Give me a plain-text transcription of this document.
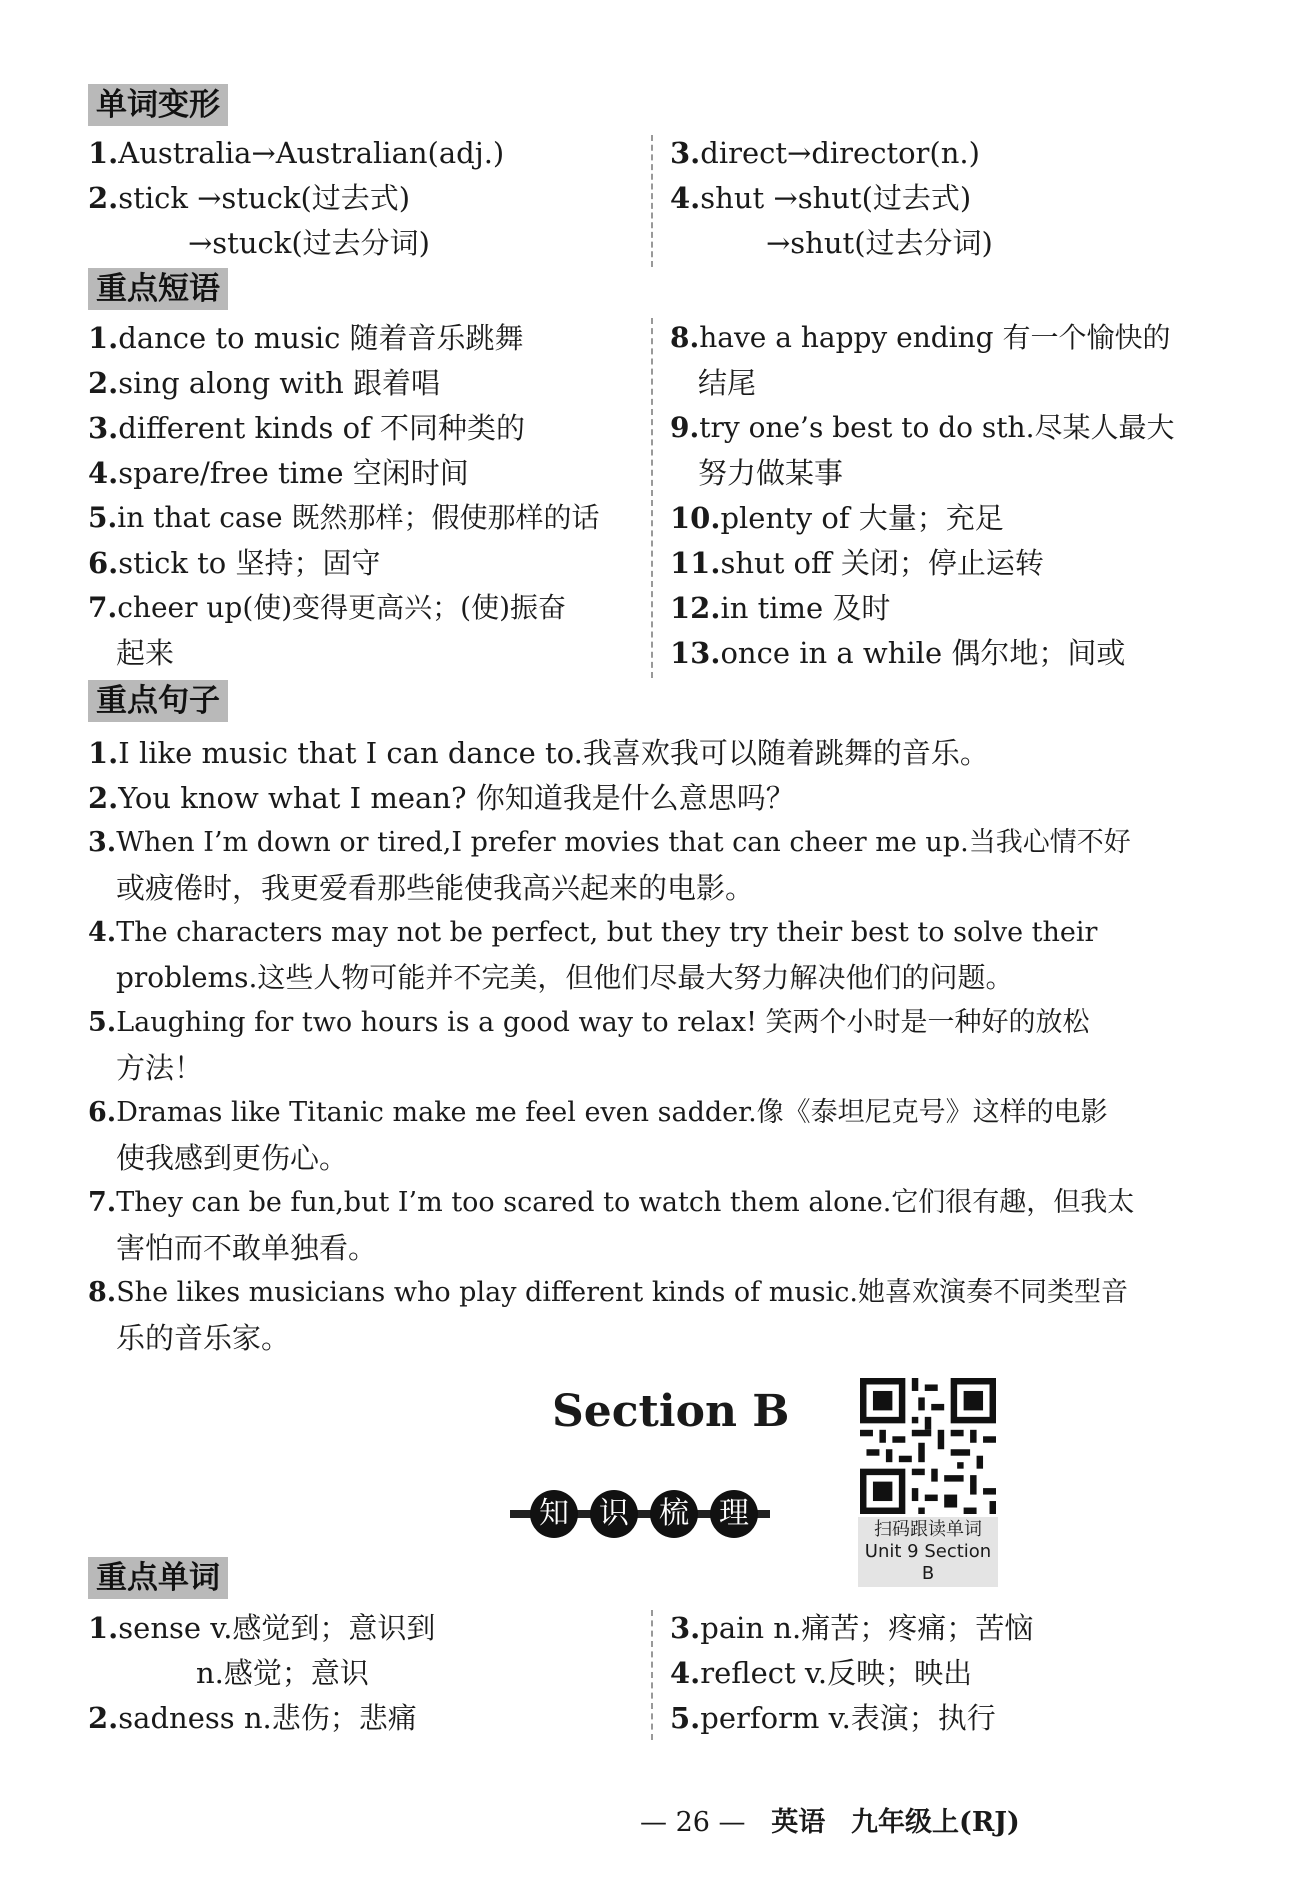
单词变形
1.Australia→Australian(adj.)
2.stick →stuck(过去式)
→stuck(过去分词)
3.direct→director(n.)
4.shut →shut(过去式)
→shut(过去分词)
重点短语
1.dance to music 随着音乐跳舞
2.sing along with 跟着唱
3.different kinds of 不同种类的
4.spare/free time 空闲时间
5.in that case 既然那样；假使那样的话
6.stick to 坚持；固守
7.cheer up(使)变得更高兴；(使)振奋
起来
8.have a happy ending 有一个愉快的
结尾
9.try one’s best to do sth.尽某人最大
努力做某事
10.plenty of 大量；充足
11.shut off 关闭；停止运转
12.in time 及时
13.once in a while 偶尔地；间或
重点句子
1.I like music that I can dance to.我喜欢我可以随着跳舞的音乐。
2.You know what I mean? 你知道我是什么意思吗？
3.When I’m down or tired,I prefer movies that can cheer me up.当我心情不好
或疲倦时，我更爱看那些能使我高兴起来的电影。
4.The characters may not be perfect, but they try their best to solve their
problems.这些人物可能并不完美，但他们尽最大努力解决他们的问题。
5.Laughing for two hours is a good way to relax! 笑两个小时是一种好的放松
方法！
6.Dramas like Titanic make me feel even sadder.像《泰坦尼克号》这样的电影
使我感到更伤心。
7.They can be fun,but I’m too scared to watch them alone.它们很有趣，但我太
害怕而不敢单独看。
8.She likes musicians who play different kinds of music.她喜欢演奏不同类型音
乐的音乐家。
Section B
知	识	梳	理	扫码跟读单词
Unit 9 Section B
重点单词
1.sense v.感觉到；意识到
n.感觉；意识
2.sadness n.悲伤；悲痛
3.pain n.痛苦；疼痛；苦恼
4.reflect v.反映；映出
5.perform v.表演；执行
— 26 — 英语 九年级上(RJ)
